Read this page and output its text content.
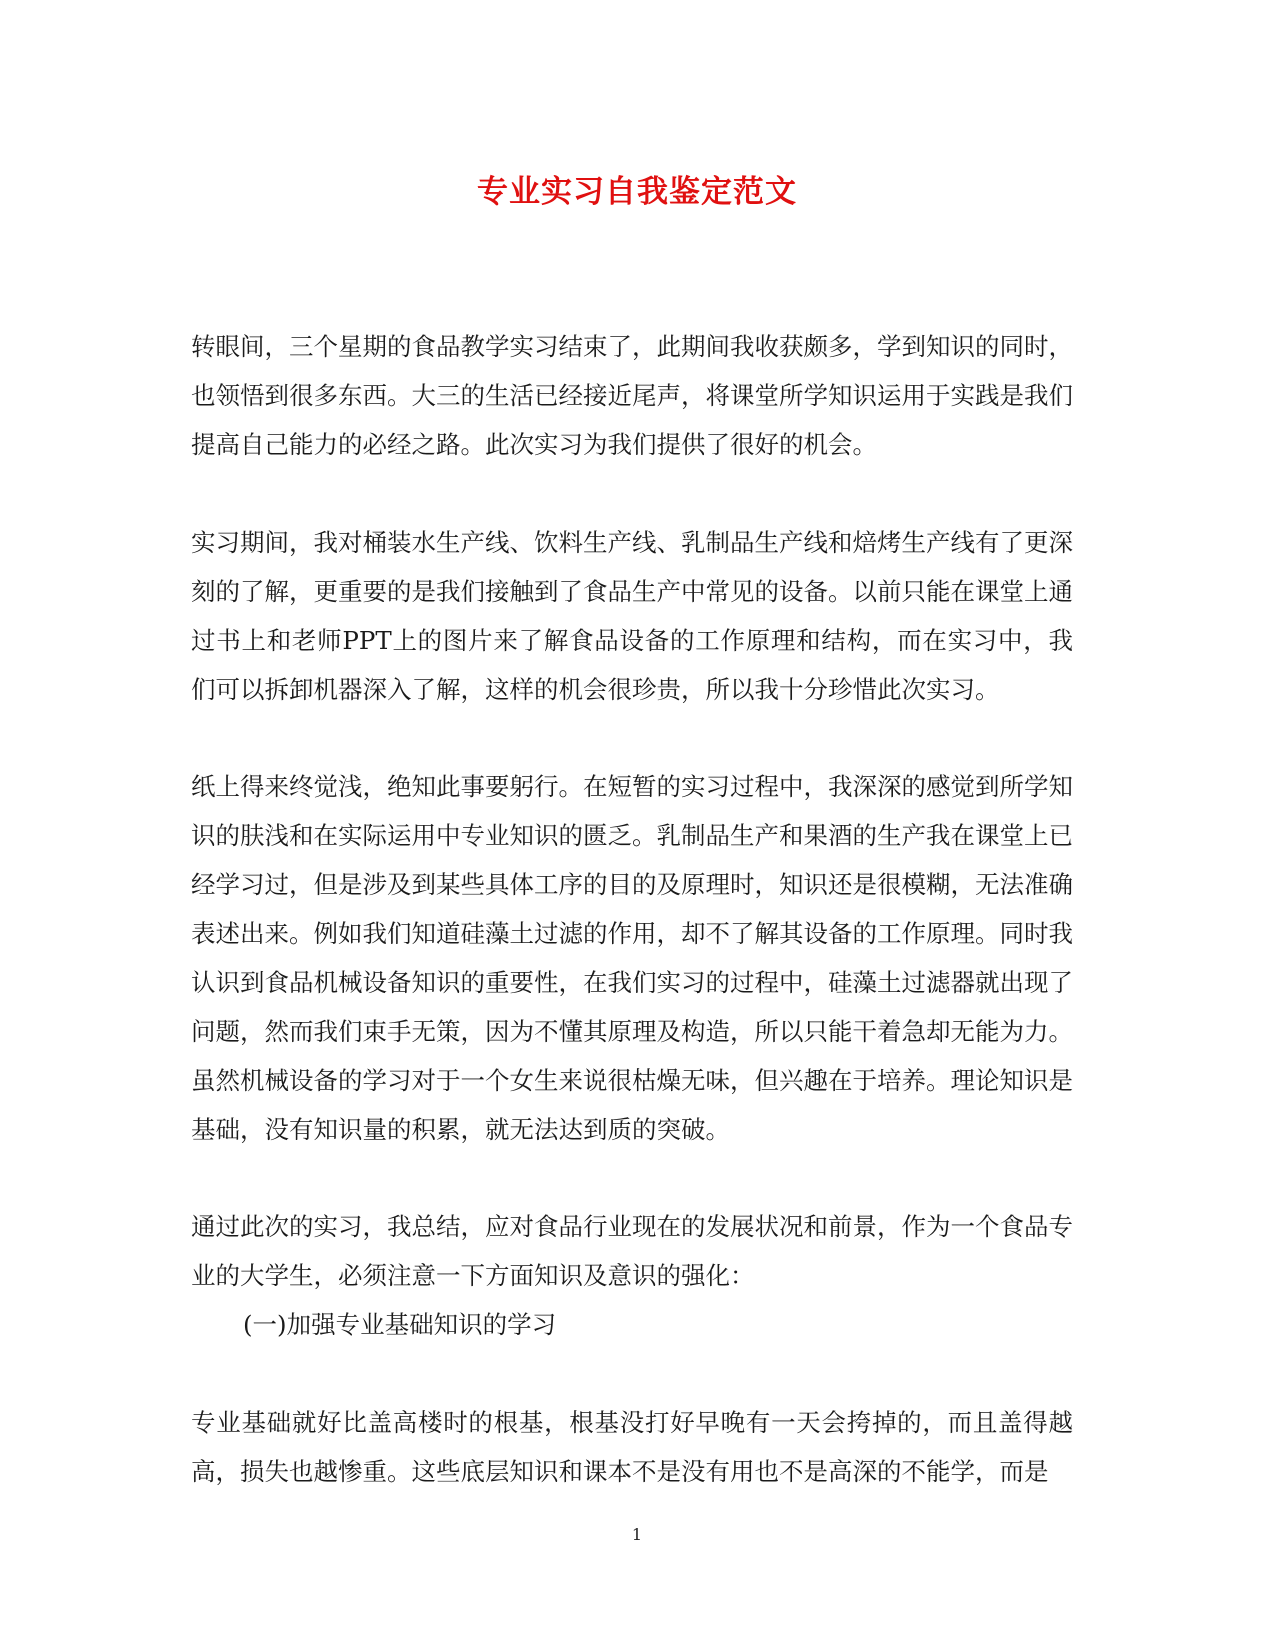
专业实习自我鉴定范文

转眼间，三个星期的食品教学实习结束了，此期间我收获颇多，学到知识的同时，也领悟到很多东西。大三的生活已经接近尾声，将课堂所学知识运用于实践是我们提高自己能力的必经之路。此次实习为我们提供了很好的机会。

实习期间，我对桶装水生产线、饮料生产线、乳制品生产线和焙烤生产线有了更深刻的了解，更重要的是我们接触到了食品生产中常见的设备。以前只能在课堂上通过书上和老师PPT上的图片来了解食品设备的工作原理和结构，而在实习中，我们可以拆卸机器深入了解，这样的机会很珍贵，所以我十分珍惜此次实习。

纸上得来终觉浅，绝知此事要躬行。在短暂的实习过程中，我深深的感觉到所学知识的肤浅和在实际运用中专业知识的匮乏。乳制品生产和果酒的生产我在课堂上已经学习过，但是涉及到某些具体工序的目的及原理时，知识还是很模糊，无法准确表述出来。例如我们知道硅藻土过滤的作用，却不了解其设备的工作原理。同时我认识到食品机械设备知识的重要性，在我们实习的过程中，硅藻土过滤器就出现了问题，然而我们束手无策，因为不懂其原理及构造，所以只能干着急却无能为力。虽然机械设备的学习对于一个女生来说很枯燥无味，但兴趣在于培养。理论知识是基础，没有知识量的积累，就无法达到质的突破。

通过此次的实习，我总结，应对食品行业现在的发展状况和前景，作为一个食品专业的大学生，必须注意一下方面知识及意识的强化：

(一)加强专业基础知识的学习

专业基础就好比盖高楼时的根基，根基没打好早晚有一天会挎掉的，而且盖得越高，损失也越惨重。这些底层知识和课本不是没有用也不是高深的不能学，而是

1
